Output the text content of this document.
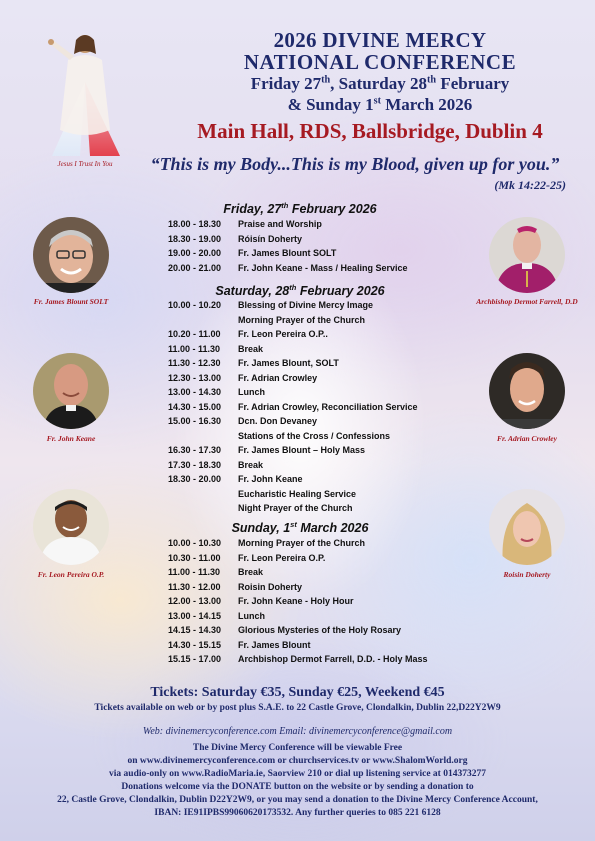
Jesus I Trust In You
2026 DIVINE MERCY
NATIONAL CONFERENCE
Friday 27th, Saturday 28th February
& Sunday 1st March 2026
Main Hall, RDS, Ballsbridge, Dublin 4
“This is my Body...This is my Blood, given up for you.”
(Mk 14:22-25)
Fr. James Blount SOLT
Fr. John Keane
Fr. Leon Pereira O.P.
Archbishop Dermot Farrell, D.D
Fr. Adrian Crowley
Roisin Doherty
Friday, 27th February 2026
18.00 - 18.30	Praise and Worship
18.30 - 19.00	Róisín Doherty
19.00 - 20.00	Fr. James Blount SOLT
20.00 - 21.00	Fr. John Keane - Mass / Healing Service
Saturday, 28th February 2026
10.00 - 10.20	Blessing of Divine Mercy Image
Morning Prayer of the Church
10.20 - 11.00	Fr. Leon Pereira O.P..
11.00 - 11.30	Break
11.30 - 12.30	Fr. James Blount, SOLT
12.30 - 13.00	Fr. Adrian Crowley
13.00 - 14.30	Lunch
14.30 - 15.00	Fr. Adrian Crowley, Reconciliation Service
15.00 - 16.30	Dcn. Don Devaney
Stations of the Cross / Confessions
16.30 - 17.30	Fr. James Blount – Holy Mass
17.30 - 18.30	Break
18.30 - 20.00	Fr. John Keane
Eucharistic Healing Service
Night Prayer of the Church
Sunday, 1st March 2026
10.00 - 10.30	Morning Prayer of the Church
10.30 - 11.00	Fr. Leon Pereira O.P.
11.00 - 11.30	Break
11.30 - 12.00	Roisin Doherty
12.00 - 13.00	Fr. John Keane - Holy Hour
13.00 - 14.15	Lunch
14.15 - 14.30	Glorious Mysteries of the Holy Rosary
14.30 - 15.15	Fr. James Blount
15.15 - 17.00	Archbishop Dermot Farrell, D.D. - Holy Mass
Tickets: Saturday €35, Sunday €25, Weekend €45
Tickets available on web or by post plus S.A.E. to 22 Castle Grove, Clondalkin, Dublin 22,D22Y2W9
Web: divinemercyconference.com Email: divinemercyconference@gmail.com
The Divine Mercy Conference will be viewable Free
on www.divinemercyconference.com or churchservices.tv or www.ShalomWorld.org
via audio-only on www.RadioMaria.ie, Saorview 210 or dial up listening service at 014373277
Donations welcome via the DONATE button on the website or by sending a donation to
22, Castle Grove, Clondalkin, Dublin D22Y2W9, or you may send a donation to the Divine Mercy Conference Account,
IBAN: IE91IPBS99060620173532. Any further queries to 085 221 6128
